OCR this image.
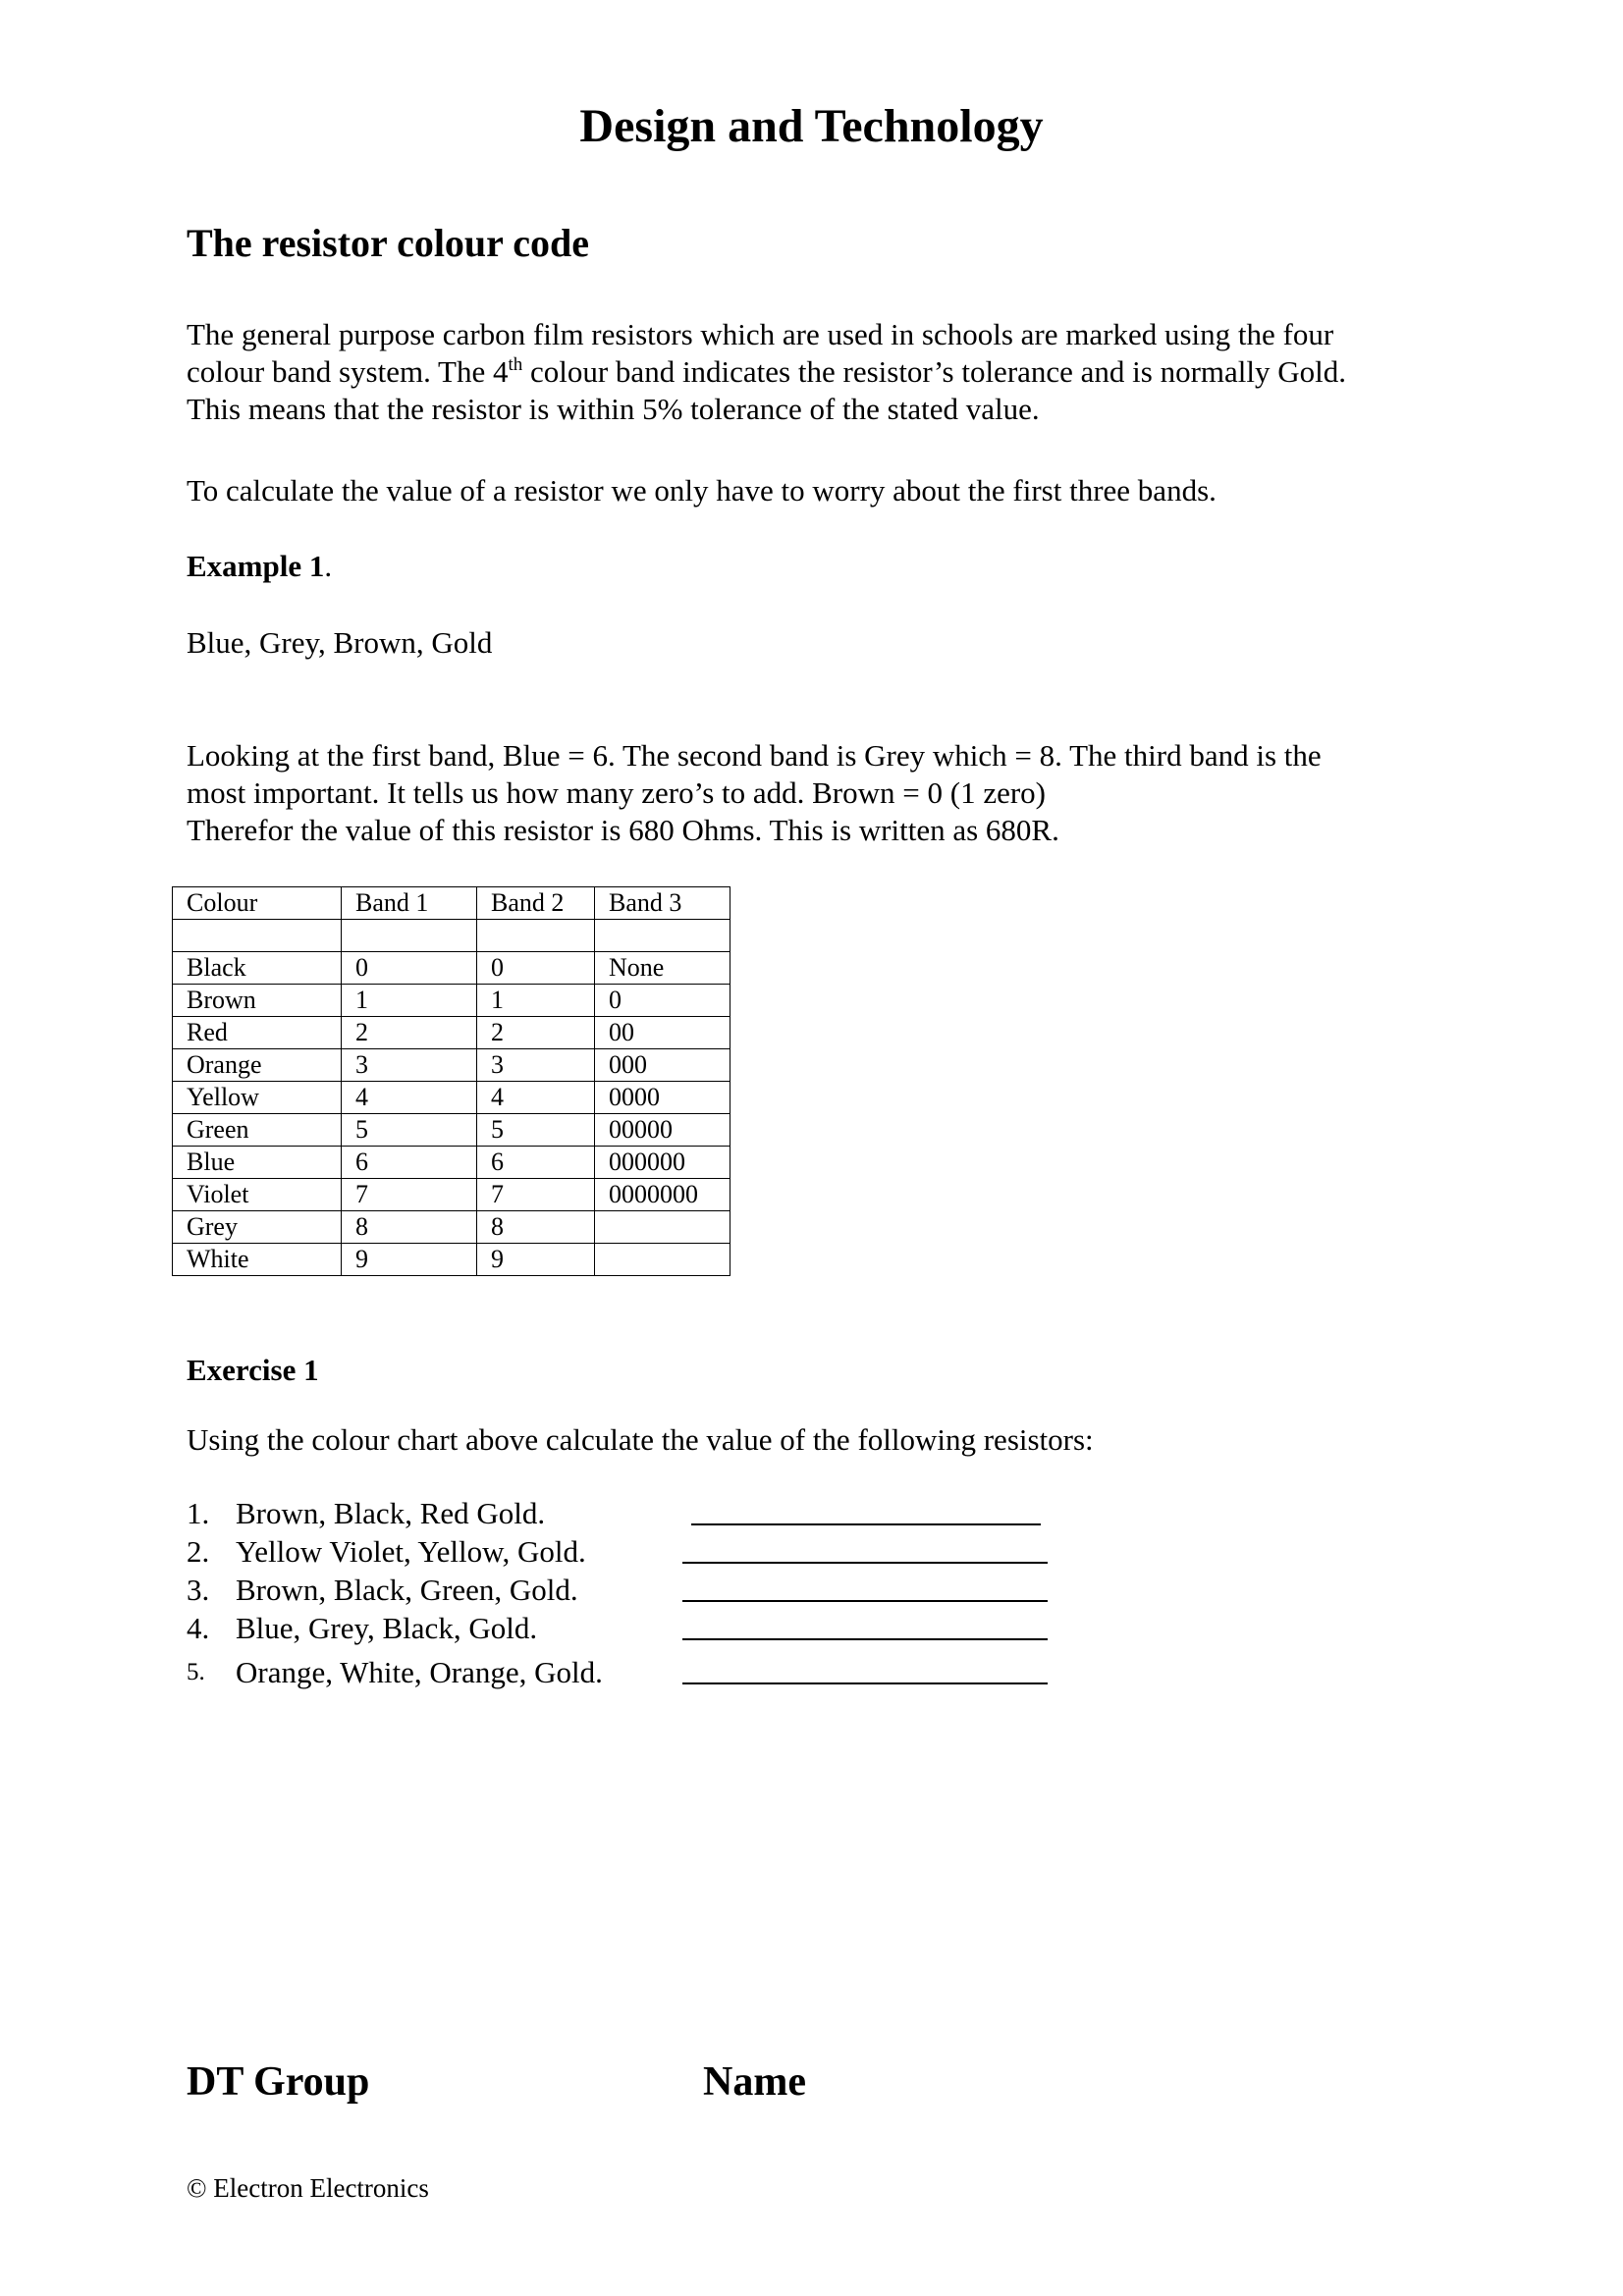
Design and Technology
The resistor colour code

The general purpose carbon film resistors which are used in schools are marked using the four

colour band system. The 4th colour band indicates the resistor’s tolerance and is normally Gold.

This means that the resistor is within 5% tolerance of the stated value.

To calculate the value of a resistor we only have to worry about the first three bands.

Example 1.

Blue, Grey, Brown, Gold

Looking at the first band, Blue = 6. The second band is Grey which = 8. The third band is the

most important. It tells us how many zero’s to add. Brown = 0 (1 zero)

Therefor the value of this resistor is 680 Ohms. This is written as 680R.

Colour	Band 1	Band 2	Band 3

Black	0	0	None
Brown	1	1	0
Red	2	2	00
Orange	3	3	000
Yellow	4	4	0000
Green	5	5	00000
Blue	6	6	000000
Violet	7	7	0000000
Grey	8	8	
White	9	9	
Exercise 1

Using the colour chart above calculate the value of the following resistors:

1. Brown, Black, Red Gold.
2. Yellow Violet, Yellow, Gold.
3. Brown, Black, Green, Gold.
4. Blue, Grey, Black, Gold.
5.	Orange, White, Orange, Gold.
DT Group	Name
© Electron Electronics
